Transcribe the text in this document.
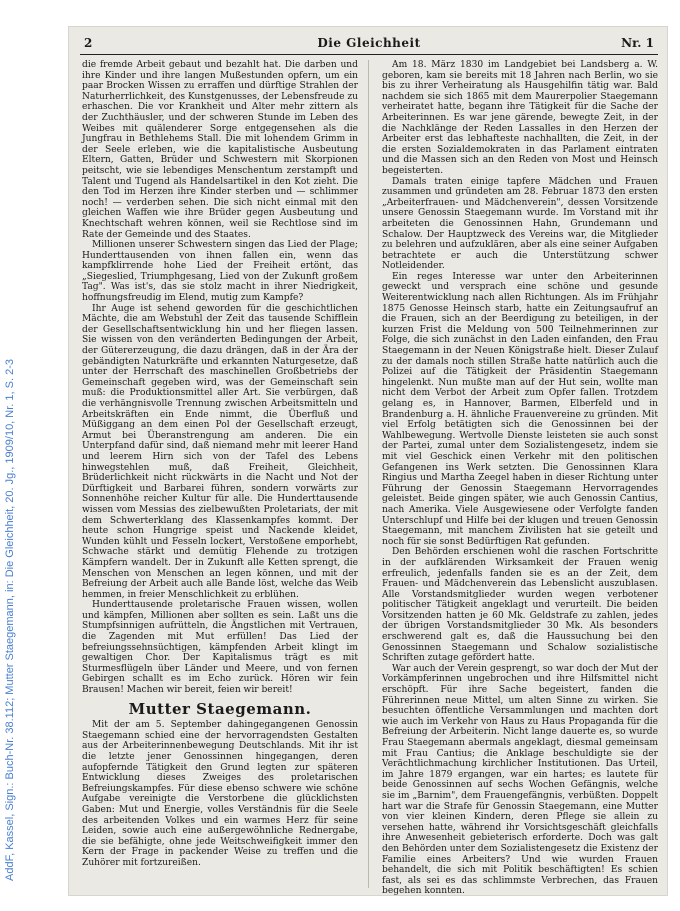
AddF, Kassel, Sign.: Buch-Nr. 38.112; Mutter Staegemann, in: Die Gleichheit, 20. Jg., 1909/10, Nr. 1, S. 2-3
2	Die Gleichheit	Nr. 1

die fremde Arbeit gebaut und bezahlt hat. Die darben und ihre Kinder und ihre langen Mußestunden opfern, um ein paar Brocken Wissen zu erraffen und dürftige Strahlen der Naturherrlichkeit, des Kunstgenusses, der Lebensfreude zu erhaschen. Die vor Krankheit und Alter mehr zittern als der Zuchthäusler, und der schweren Stunde im Leben des Weibes mit quälenderer Sorge entgegensehen als die Jungfrau in Bethlehems Stall. Die mit lohendem Grimm in der Seele erleben, wie die kapitalistische Ausbeutung Eltern, Gatten, Brüder und Schwestern mit Skorpionen peitscht, wie sie lebendiges Menschentum zerstampft und Talent und Tugend als Handelsartikel in den Kot zieht. Die den Tod im Herzen ihre Kinder sterben und — schlimmer noch! — verderben sehen. Die sich nicht einmal mit den gleichen Waffen wie ihre Brüder gegen Ausbeutung und Knechtschaft wehren können, weil sie Rechtlose sind im Rate der Gemeinde und des Staates.

Millionen unserer Schwestern singen das Lied der Plage; Hunderttausenden von ihnen fallen ein, wenn das kampfklirrende hohe Lied der Freiheit ertönt, das „Siegeslied, Triumphgesang, Lied von der Zukunft großem Tag". Was ist's, das sie stolz macht in ihrer Niedrigkeit, hoffnungsfreudig im Elend, mutig zum Kampfe?

Ihr Auge ist sehend geworden für die geschichtlichen Mächte, die am Webstuhl der Zeit das tausende Schifflein der Gesellschaftsentwicklung hin und her fliegen lassen. Sie wissen von den veränderten Bedingungen der Arbeit, der Gütererzeugung, die dazu drängen, daß in der Ära der gebändigten Naturkräfte und erkannten Naturgesetze, daß unter der Herrschaft des maschinellen Großbetriebs der Gemeinschaft gegeben wird, was der Gemeinschaft sein muß: die Produktionsmittel aller Art. Sie verbürgen, daß die verhängnisvolle Trennung zwischen Arbeitsmitteln und Arbeitskräften ein Ende nimmt, die Überfluß und Müßiggang an dem einen Pol der Gesellschaft erzeugt, Armut bei Überanstrengung am anderen. Die ein Unterpfand dafür sind, daß niemand mehr mit leerer Hand und leerem Hirn sich von der Tafel des Lebens hinwegstehlen muß, daß Freiheit, Gleichheit, Brüderlichkeit nicht rückwärts in die Nacht und Not der Dürftigkeit und Barbarei führen, sondern vorwärts zur Sonnenhöhe reicher Kultur für alle. Die Hunderttausende wissen vom Messias des zielbewußten Proletariats, der mit dem Schwerterklang des Klassenkampfes kommt. Der heute schon Hungrige speist und Nackende kleidet, Wunden kühlt und Fesseln lockert, Verstoßene emporhebt, Schwache stärkt und demütig Flehende zu trotzigen Kämpfern wandelt. Der in Zukunft alle Ketten sprengt, die Menschen von Menschen an legen können, und mit der Befreiung der Arbeit auch alle Bande löst, welche das Weib hemmen, in freier Menschlichkeit zu erblühen.

Hunderttausende proletarische Frauen wissen, wollen und kämpfen, Millionen aber sollten es sein. Laßt uns die Stumpfsinnigen aufrütteln, die Ängstlichen mit Vertrauen, die Zagenden mit Mut erfüllen! Das Lied der befreiungssehnsüchtigen, kämpfenden Arbeit klingt im gewaltigen Chor. Der Kapitalismus trägt es mit Sturmesflügeln über Länder und Meere, und von fernen Gebirgen schallt es im Echo zurück. Hören wir fein Brausen! Machen wir bereit, feien wir bereit!

Mutter Staegemann.

Mit der am 5. September dahingegangenen Genossin Staegemann schied eine der hervorragendsten Gestalten aus der Arbeiterinnenbewegung Deutschlands. Mit ihr ist die letzte jener Genossinnen hingegangen, deren aufopfernde Tätigkeit den Grund legten zur späteren Entwicklung dieses Zweiges des proletarischen Befreiungskampfes. Für diese ebenso schwere wie schöne Aufgabe vereinigte die Verstorbene die glücklichsten Gaben: Mut und Energie, volles Verständnis für die Seele des arbeitenden Volkes und ein warmes Herz für seine Leiden, sowie auch eine außergewöhnliche Rednergabe, die sie befähigte, ohne jede Weitschweifigkeit immer den Kern der Frage in packender Weise zu treffen und die Zuhörer mit fortzureißen.

Am 18. März 1830 im Landgebiet bei Landsberg a. W. geboren, kam sie bereits mit 18 Jahren nach Berlin, wo sie bis zu ihrer Verheiratung als Hausgehilfin tätig war. Bald nachdem sie sich 1865 mit dem Maurerpolier Staegemann verheiratet hatte, begann ihre Tätigkeit für die Sache der Arbeiterinnen. Es war jene gärende, bewegte Zeit, in der die Nachklänge der Reden Lassalles in den Herzen der Arbeiter erst das lebhafteste nachhallten, die Zeit, in der die ersten Sozialdemokraten in das Parlament eintraten und die Massen sich an den Reden von Most und Heinsch begeisterten.

Damals traten einige tapfere Mädchen und Frauen zusammen und gründeten am 28. Februar 1873 den ersten „Arbeiterfrauen- und Mädchenverein", dessen Vorsitzende unsere Genossin Staegemann wurde. Im Vorstand mit ihr arbeiteten die Genossinnen Hahn, Grundemann und Schalow. Der Hauptzweck des Vereins war, die Mitglieder zu belehren und aufzuklären, aber als eine seiner Aufgaben betrachtete er auch die Unterstützung schwer Notleidender.

Ein reges Interesse war unter den Arbeiterinnen geweckt und versprach eine schöne und gesunde Weiterentwicklung nach allen Richtungen. Als im Frühjahr 1875 Genosse Heinsch starb, hatte ein Zeitungsaufruf an die Frauen, sich an der Beerdigung zu beteiligen, in der kurzen Frist die Meldung von 500 Teilnehmerinnen zur Folge, die sich zunächst in den Laden einfanden, den Frau Staegemann in der Neuen Königstraße hielt. Dieser Zulauf zu der damals noch stillen Straße hatte natürlich auch die Polizei auf die Tätigkeit der Präsidentin Staegemann hingelenkt. Nun mußte man auf der Hut sein, wollte man nicht dem Verbot der Arbeit zum Opfer fallen. Trotzdem gelang es, in Hannover, Barmen, Elberfeld und in Brandenburg a. H. ähnliche Frauenvereine zu gründen. Mit viel Erfolg betätigten sich die Genossinnen bei der Wahlbewegung. Wertvolle Dienste leisteten sie auch sonst der Partei, zumal unter dem Sozialistengesetz, indem sie mit viel Geschick einen Verkehr mit den politischen Gefangenen ins Werk setzten. Die Genossinnen Klara Ringius und Martha Zeegel haben in dieser Richtung unter Führung der Genossin Staegemann Hervorragendes geleistet. Beide gingen später, wie auch Genossin Cantius, nach Amerika. Viele Ausgewiesene oder Verfolgte fanden Unterschlupf und Hilfe bei der klugen und treuen Genossin Staegemann, mit manchem Zivilisten hat sie geteilt und noch für sie sonst Bedürftigen Rat gefunden.

Den Behörden erschienen wohl die raschen Fortschritte in der aufklärenden Wirksamkeit der Frauen wenig erfreulich, jedenfalls fanden sie es an der Zeit, dem Frauen- und Mädchenverein das Lebenslicht auszublasen. Alle Vorstandsmitglieder wurden wegen verbotener politischer Tätigkeit angeklagt und verurteilt. Die beiden Vorsitzenden hatten je 60 Mk. Geldstrafe zu zahlen, jedes der übrigen Vorstandsmitglieder 30 Mk. Als besonders erschwerend galt es, daß die Haussuchung bei den Genossinnen Staegemann und Schalow sozialistische Schriften zutage gefördert hatte.

War auch der Verein gesprengt, so war doch der Mut der Vorkämpferinnen ungebrochen und ihre Hilfsmittel nicht erschöpft. Für ihre Sache begeistert, fanden die Führerinnen neue Mittel, um alten Sinne zu wirken. Sie besuchten öffentliche Versammlungen und machten dort wie auch im Verkehr von Haus zu Haus Propaganda für die Befreiung der Arbeiterin. Nicht lange dauerte es, so wurde Frau Staegemann abermals angeklagt, diesmal gemeinsam mit Frau Cantius; die Anklage beschuldigte sie der Verächtlichmachung kirchlicher Institutionen. Das Urteil, im Jahre 1879 ergangen, war ein hartes; es lautete für beide Genossinnen auf sechs Wochen Gefängnis, welche sie im „Barnim", dem Frauengefängnis, verbüßten. Doppelt hart war die Strafe für Genossin Staegemann, eine Mutter von vier kleinen Kindern, deren Pflege sie allein zu versehen hatte, während ihr Vorsichtsgeschäft gleichfalls ihre Anwesenheit gebieterisch erforderte. Doch was galt den Behörden unter dem Sozialistengesetz die Existenz der Familie eines Arbeiters? Und wie wurden Frauen behandelt, die sich mit Politik beschäftigten! Es schien fast, als sei es das schlimmste Verbrechen, das Frauen begehen konnten.
